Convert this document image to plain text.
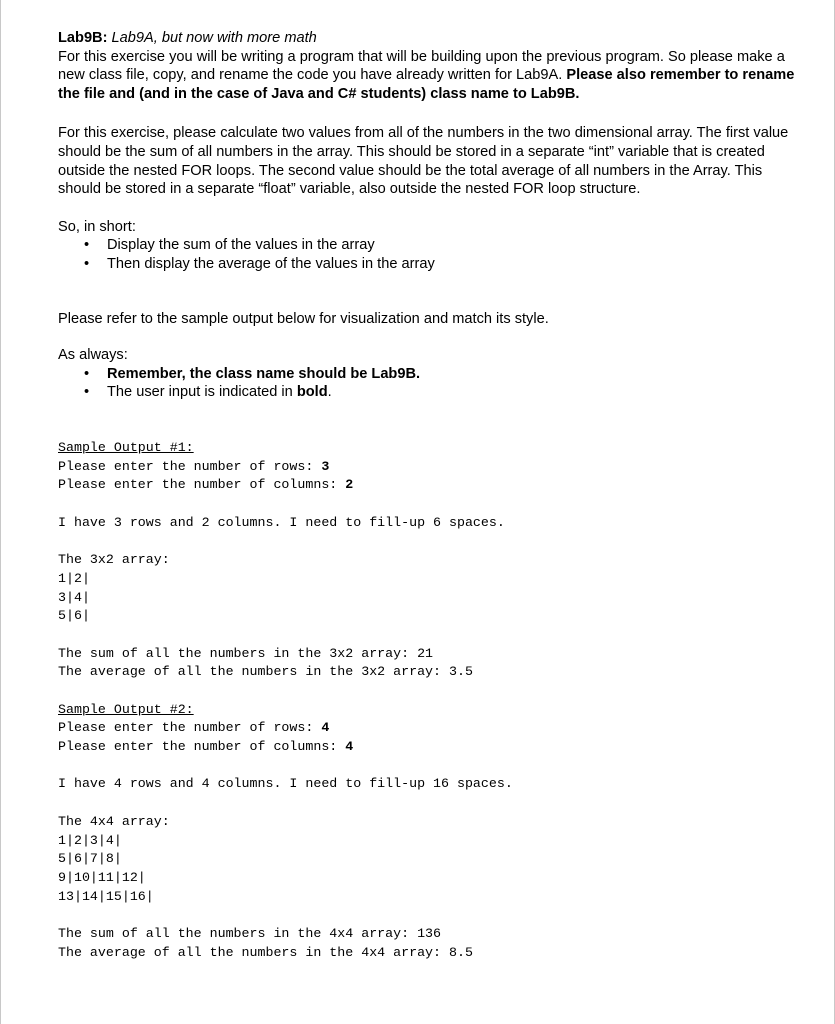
Lab9B: Lab9A, but now with more math
For this exercise you will be writing a program that will be building upon the previous program. So please make a new class file, copy, and rename the code you have already written for Lab9A. Please also remember to rename the file and (and in the case of Java and C# students) class name to Lab9B.

For this exercise, please calculate two values from all of the numbers in the two dimensional array. The first value should be the sum of all numbers in the array. This should be stored in a separate “int” variable that is created outside the nested FOR loops. The second value should be the total average of all numbers in the Array. This should be stored in a separate “float” variable, also outside the nested FOR loop structure.

So, in short:

• Display the sum of the values in the array
• Then display the average of the values in the array

Please refer to the sample output below for visualization and match its style.

As always:

• Remember, the class name should be Lab9B.
• The user input is indicated in bold.
Sample Output #1:
Please enter the number of rows: 3
Please enter the number of columns: 2
I have 3 rows and 2 columns. I need to fill-up 6 spaces.
The 3x2 array:
1|2|
3|4|
5|6|
The sum of all the numbers in the 3x2 array: 21
The average of all the numbers in the 3x2 array: 3.5
Sample Output #2:
Please enter the number of rows: 4
Please enter the number of columns: 4
I have 4 rows and 4 columns. I need to fill-up 16 spaces.
The 4x4 array:
1|2|3|4|
5|6|7|8|
9|10|11|12|
13|14|15|16|
The sum of all the numbers in the 4x4 array: 136
The average of all the numbers in the 4x4 array: 8.5
